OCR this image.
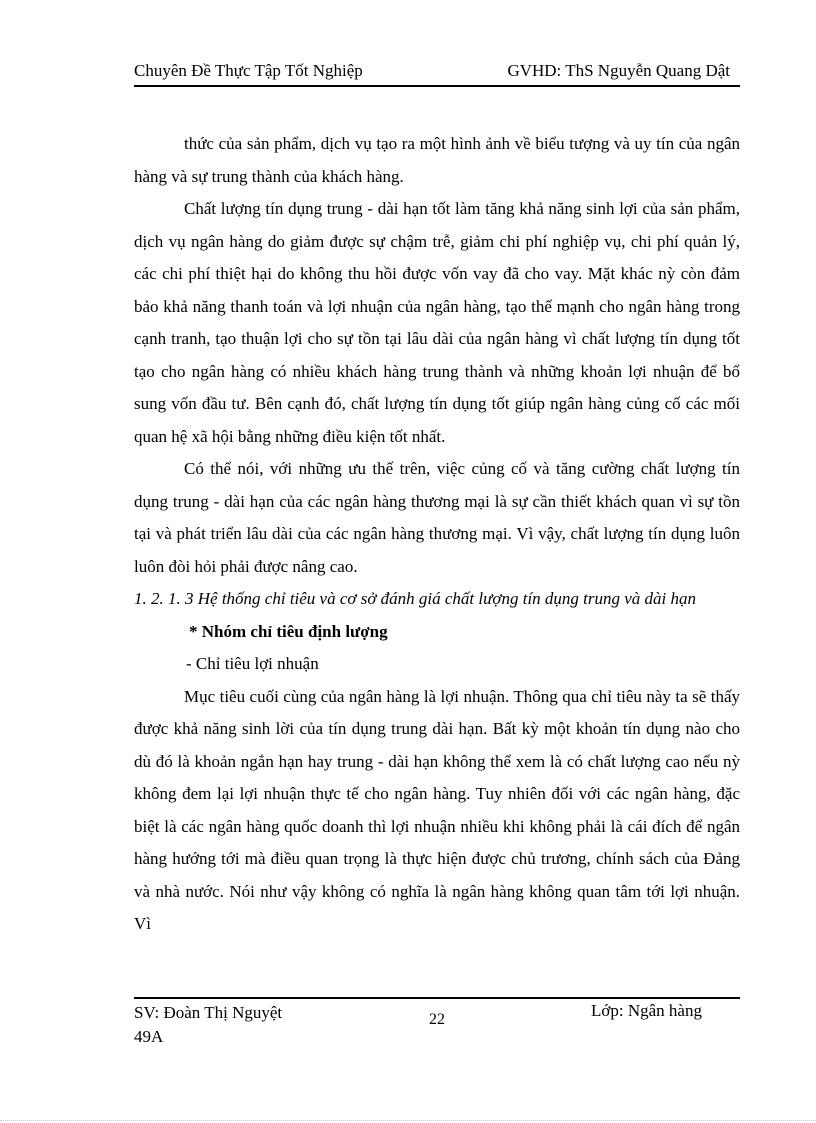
Chuyên Đề Thực Tập Tốt Nghiệp	GVHD: ThS Nguyễn Quang Dật

thức của sản phẩm, dịch vụ tạo ra một hình ảnh về biểu tượng và uy tín của ngân hàng và sự trung thành của khách hàng.

Chất lượng tín dụng trung - dài hạn tốt làm tăng khả năng sinh lợi của sản phẩm, dịch vụ ngân hàng do giảm được sự chậm trễ, giảm chi phí nghiệp vụ, chi phí quản lý, các chi phí thiệt hại do không thu hồi được vốn vay đã cho vay. Mặt khác nỳ còn đảm bảo khả năng thanh toán và lợi nhuận của ngân hàng, tạo thế mạnh cho ngân hàng trong cạnh tranh, tạo thuận lợi cho sự tồn tại lâu dài của ngân hàng vì chất lượng tín dụng tốt tạo cho ngân hàng có nhiều khách hàng trung thành và những khoản lợi nhuận để bổ sung vốn đầu tư. Bên cạnh đó, chất lượng tín dụng tốt giúp ngân hàng củng cố các mối quan hệ xã hội bằng những điều kiện tốt nhất.

Có thể nói, với những ưu thế trên, việc củng cố và tăng cường chất lượng tín dụng trung - dài hạn của các ngân hàng thương mại là sự cần thiết khách quan vì sự tồn tại và phát triển lâu dài của các ngân hàng thương mại. Vì vậy, chất lượng tín dụng luôn luôn đòi hỏi phải được nâng cao.

1. 2. 1. 3 Hệ thống chỉ tiêu và cơ sở đánh giá chất lượng tín dụng trung và dài hạn

* Nhóm chỉ tiêu định lượng

- Chỉ tiêu lợi nhuận

Mục tiêu cuối cùng của ngân hàng là lợi nhuận. Thông qua chỉ tiêu này ta sẽ thấy được khả năng sinh lời của tín dụng trung dài hạn. Bất kỳ một khoản tín dụng nào cho dù đó là khoản ngắn hạn hay trung - dài hạn không thể xem là có chất lượng cao nếu nỳ không đem lại lợi nhuận thực tế cho ngân hàng. Tuy nhiên đối với các ngân hàng, đặc biệt là các ngân hàng quốc doanh thì lợi nhuận nhiều khi không phải là cái đích để ngân hàng hướng tới mà điều quan trọng là thực hiện được chủ trương, chính sách của Đảng và nhà nước. Nói như vậy không có nghĩa là ngân hàng không quan tâm tới lợi nhuận. Vì

SV: Đoàn Thị Nguyệt
49A
22	Lớp: Ngân hàng
